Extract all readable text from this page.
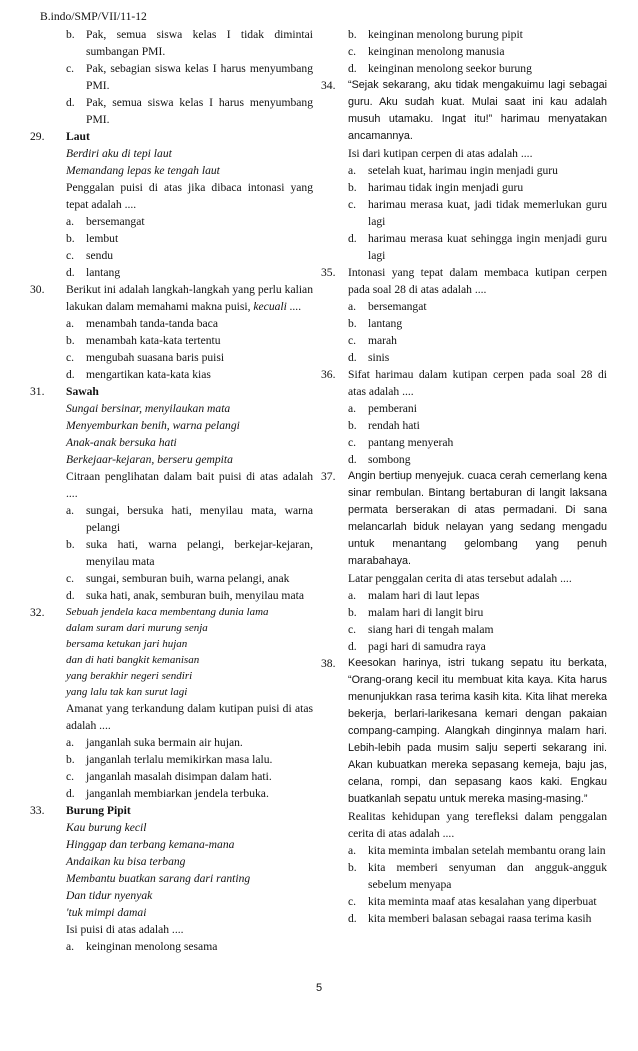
B.indo/SMP/VII/11-12
b. Pak, semua siswa kelas I tidak dimintai sumbangan PMI.
c.	Pak, sebagian siswa kelas I harus menyumbang PMI.
d. Pak, semua siswa kelas I harus menyumbang PMI.
29.	Laut
Berdiri aku di tepi laut
Memandang lepas ke tengah laut
Penggalan puisi di atas jika dibaca intonasi yang tepat adalah ....
a.	bersemangat
b. lembut
c.	sendu
d. lantang
30.	Berikut ini adalah langkah-langkah yang perlu kalian lakukan dalam memahami makna puisi, kecuali ....
a.	menambah tanda-tanda baca
b. menambah kata-kata tertentu
c.	mengubah suasana baris puisi
d. mengartikan kata-kata kias
31.	Sawah
Sungai bersinar, menyilaukan mata
Menyemburkan benih, warna pelangi
Anak-anak bersuka hati
Berkejaar-kejaran, berseru gempita
Citraan penglihatan dalam bait puisi di atas adalah ....
a.	sungai, bersuka hati, menyilau mata, warna pelangi
b. suka hati, warna pelangi, berkejar-kejaran, menyilau mata
c.	sungai, semburan buih, warna pelangi, anak
d. suka hati, anak, semburan buih, menyilau mata
32.	Sebuah jendela kaca membentang dunia lama
dalam suram dari murung senja
bersama ketukan jari hujan
dan di hati bangkit kemanisan
yang berakhir negeri sendiri
yang lalu tak kan surut lagi
Amanat yang terkandung dalam kutipan puisi di atas adalah ....
a.	janganlah suka bermain air hujan.
b. janganlah terlalu memikirkan masa lalu.
c.	janganlah masalah disimpan dalam hati.
d. janganlah membiarkan jendela terbuka.
33.	Burung Pipit
Kau burung kecil
Hinggap dan terbang kemana-mana
Andaikan ku bisa terbang
Membantu buatkan sarang dari ranting
Dan tidur nyenyak
'tuk mimpi damai
Isi puisi di atas adalah ....
a.	keinginan menolong sesama
b. keinginan menolong burung pipit
c.	keinginan menolong manusia
d. keinginan menolong seekor burung
34.	“Sejak sekarang, aku tidak mengakuimu lagi sebagai guru. Aku sudah kuat. Mulai saat ini kau adalah musuh utamaku. Ingat itu!” harimau menyatakan ancamannya.
Isi dari kutipan cerpen di atas adalah ....
a.	setelah kuat, harimau ingin menjadi guru
b. harimau tidak ingin menjadi guru
c.	harimau merasa kuat, jadi tidak memerlukan guru lagi
d. harimau merasa kuat sehingga ingin menjadi guru lagi
35.	Intonasi yang tepat dalam membaca kutipan cerpen pada soal 28 di atas adalah ....
a.	bersemangat
b. lantang
c.	marah
d. sinis
36.	Sifat harimau dalam kutipan cerpen pada soal 28 di atas adalah ....
a.	pemberani
b. rendah hati
c.	pantang menyerah
d. sombong
37.	Angin bertiup menyejuk. cuaca cerah cemerlang kena sinar rembulan. Bintang bertaburan di langit laksana permata berserakan di atas permadani. Di sana melancarlah biduk nelayan yang sedang mengadu untuk menantang gelombang yang penuh marabahaya.
Latar penggalan cerita di atas tersebut adalah ....
a.	malam hari di laut lepas
b. malam hari di langit biru
c.	siang hari di tengah malam
d. pagi hari di samudra raya
38.	Keesokan harinya, istri tukang sepatu itu berkata, “Orang-orang kecil itu membuat kita kaya. Kita harus menunjukkan rasa terima kasih kita. Kita lihat mereka bekerja, berlari-larikesana kemari dengan pakaian compang-camping. Alangkah dinginnya malam hari. Lebih-lebih pada musim salju seperti sekarang ini. Akan kubuatkan mereka sepasang kemeja, baju jas, celana, rompi, dan sepasang kaos kaki. Engkau buatkanlah sepatu untuk mereka masing-masing.”
Realitas kehidupan yang terefleksi dalam penggalan cerita di atas adalah ....
a.	kita meminta imbalan setelah membantu orang lain
b. kita memberi senyuman dan angguk-angguk sebelum menyapa
c.	kita meminta maaf atas kesalahan yang diperbuat
d. kita memberi balasan sebagai raasa terima kasih
5
